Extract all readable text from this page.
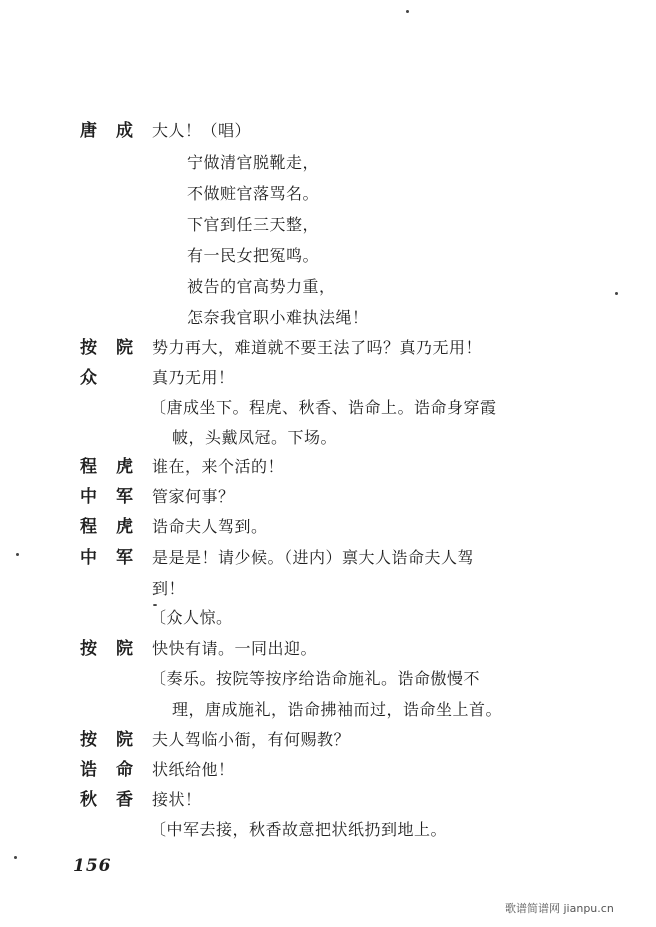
唐 成 大人！（唱）
宁做清官脱靴走，
不做赃官落骂名。
下官到任三天整，
有一民女把冤鸣。
被告的官高势力重，
怎奈我官职小难执法绳！
按 院 势力再大，难道就不要王法了吗？真乃无用！
众	真乃无用！
〔唐成坐下。程虎、秋香、诰命上。诰命身穿霞
帔，头戴凤冠。下场。
程 虎 谁在，来个活的！
中 军 管家何事？
程 虎 诰命夫人驾到。
中 军 是是是！请少候。（进内）禀大人诰命夫人驾
到！
〔众人惊。
按 院 快快有请。一同出迎。
〔奏乐。按院等按序给诰命施礼。诰命傲慢不
理，唐成施礼，诰命拂袖而过，诰命坐上首。
按 院 夫人驾临小衙，有何赐教？
诰 命 状纸给他！
秋 香 接状！
〔中军去接，秋香故意把状纸扔到地上。
156
歌谱简谱网 jianpu.cn
